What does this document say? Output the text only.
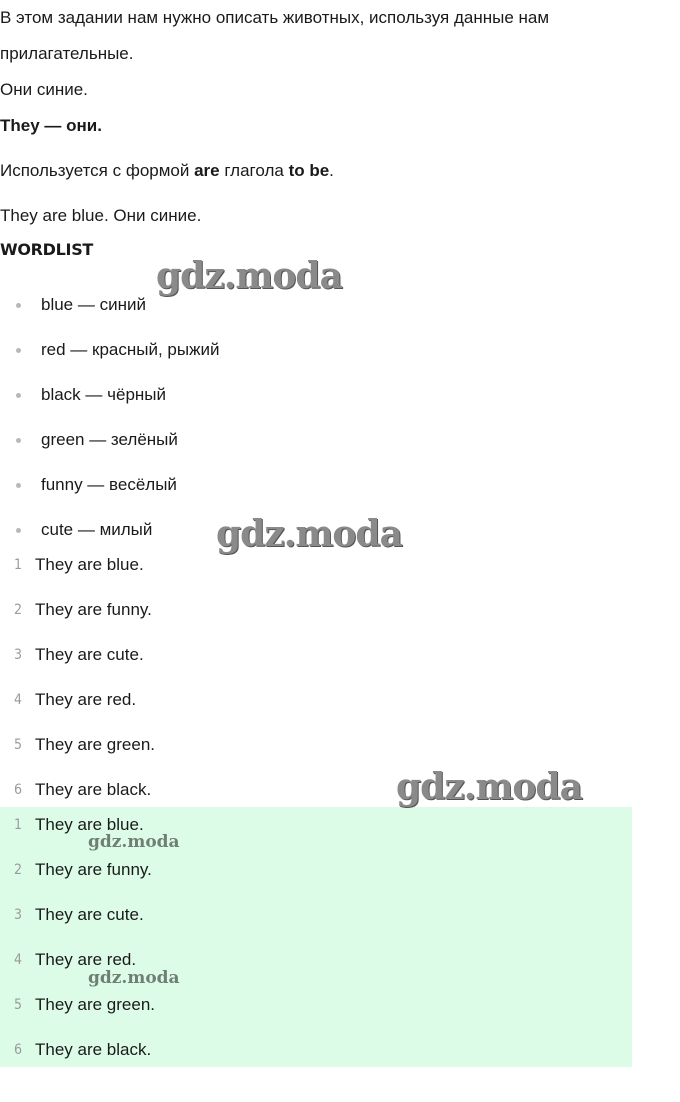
В этом задании нам нужно описать животных, используя данные нам
прилагательные.
Они синие.
They — они.
Используется с формой are глагола to be.
They are blue. Они синие.
WORDLIST
blue — синий
red — красный, рыжий
black — чёрный
green — зелёный
funny — весёлый
cute — милый
1 They are blue.
2 They are funny.
3 They are cute.
4 They are red.
5 They are green.
6 They are black.
1 They are blue.
2 They are funny.
3 They are cute.
4 They are red.
5 They are green.
6 They are black.
gdz.moda
gdz.moda
gdz.moda
gdz.moda
gdz.moda
